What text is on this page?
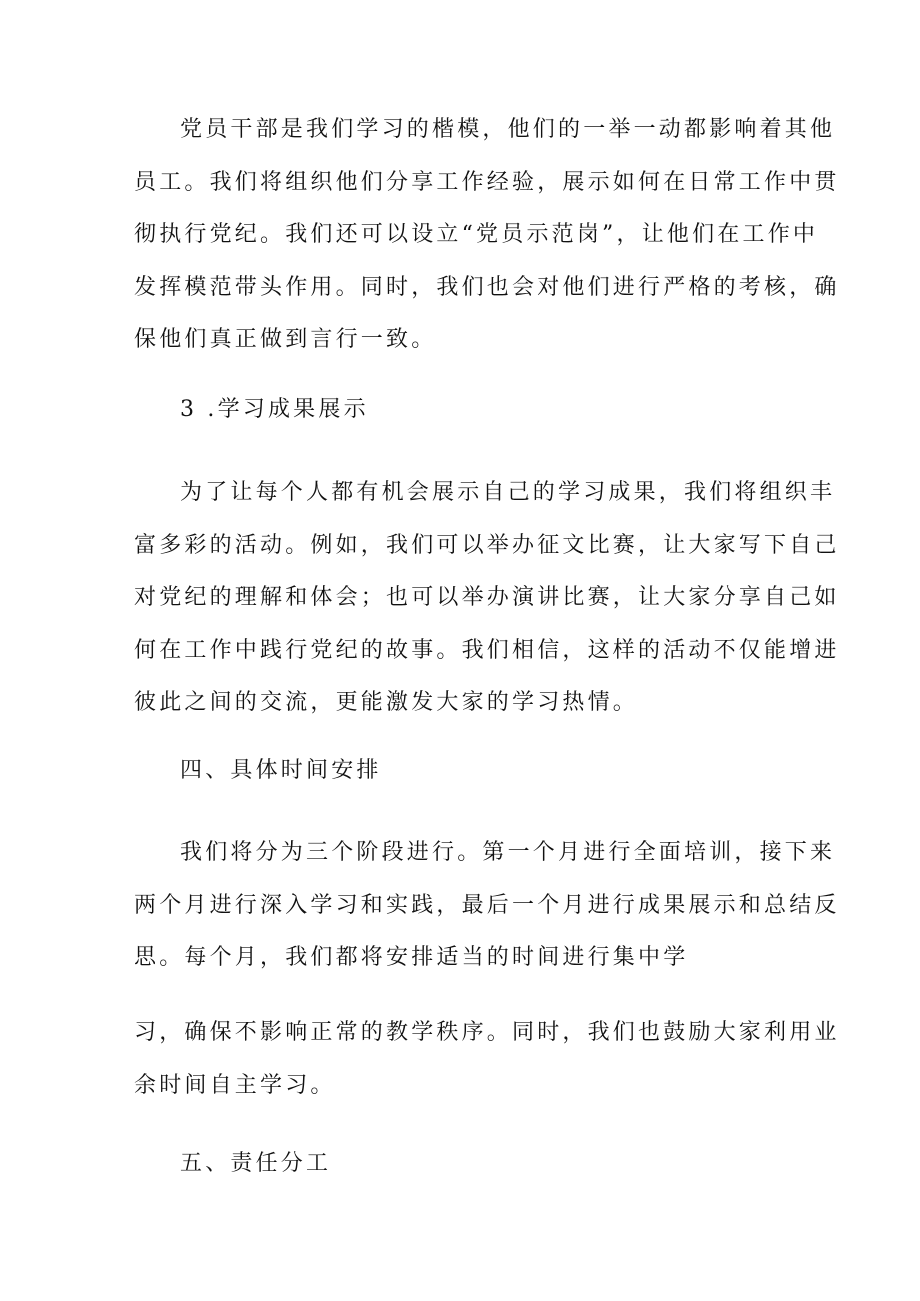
党员干部是我们学习的楷模，他们的一举一动都影响着其他
员工。我们将组织他们分享工作经验，展示如何在日常工作中贯
彻执行党纪。我们还可以设立“党员示范岗”，让他们在工作中
发挥模范带头作用。同时，我们也会对他们进行严格的考核，确
保他们真正做到言行一致。
3 .学习成果展示
为了让每个人都有机会展示自己的学习成果，我们将组织丰
富多彩的活动。例如，我们可以举办征文比赛，让大家写下自己
对党纪的理解和体会；也可以举办演讲比赛，让大家分享自己如
何在工作中践行党纪的故事。我们相信，这样的活动不仅能增进
彼此之间的交流，更能激发大家的学习热情。
四、具体时间安排
我们将分为三个阶段进行。第一个月进行全面培训，接下来
两个月进行深入学习和实践，最后一个月进行成果展示和总结反
思。每个月，我们都将安排适当的时间进行集中学
习，确保不影响正常的教学秩序。同时，我们也鼓励大家利用业
余时间自主学习。
五、责任分工
